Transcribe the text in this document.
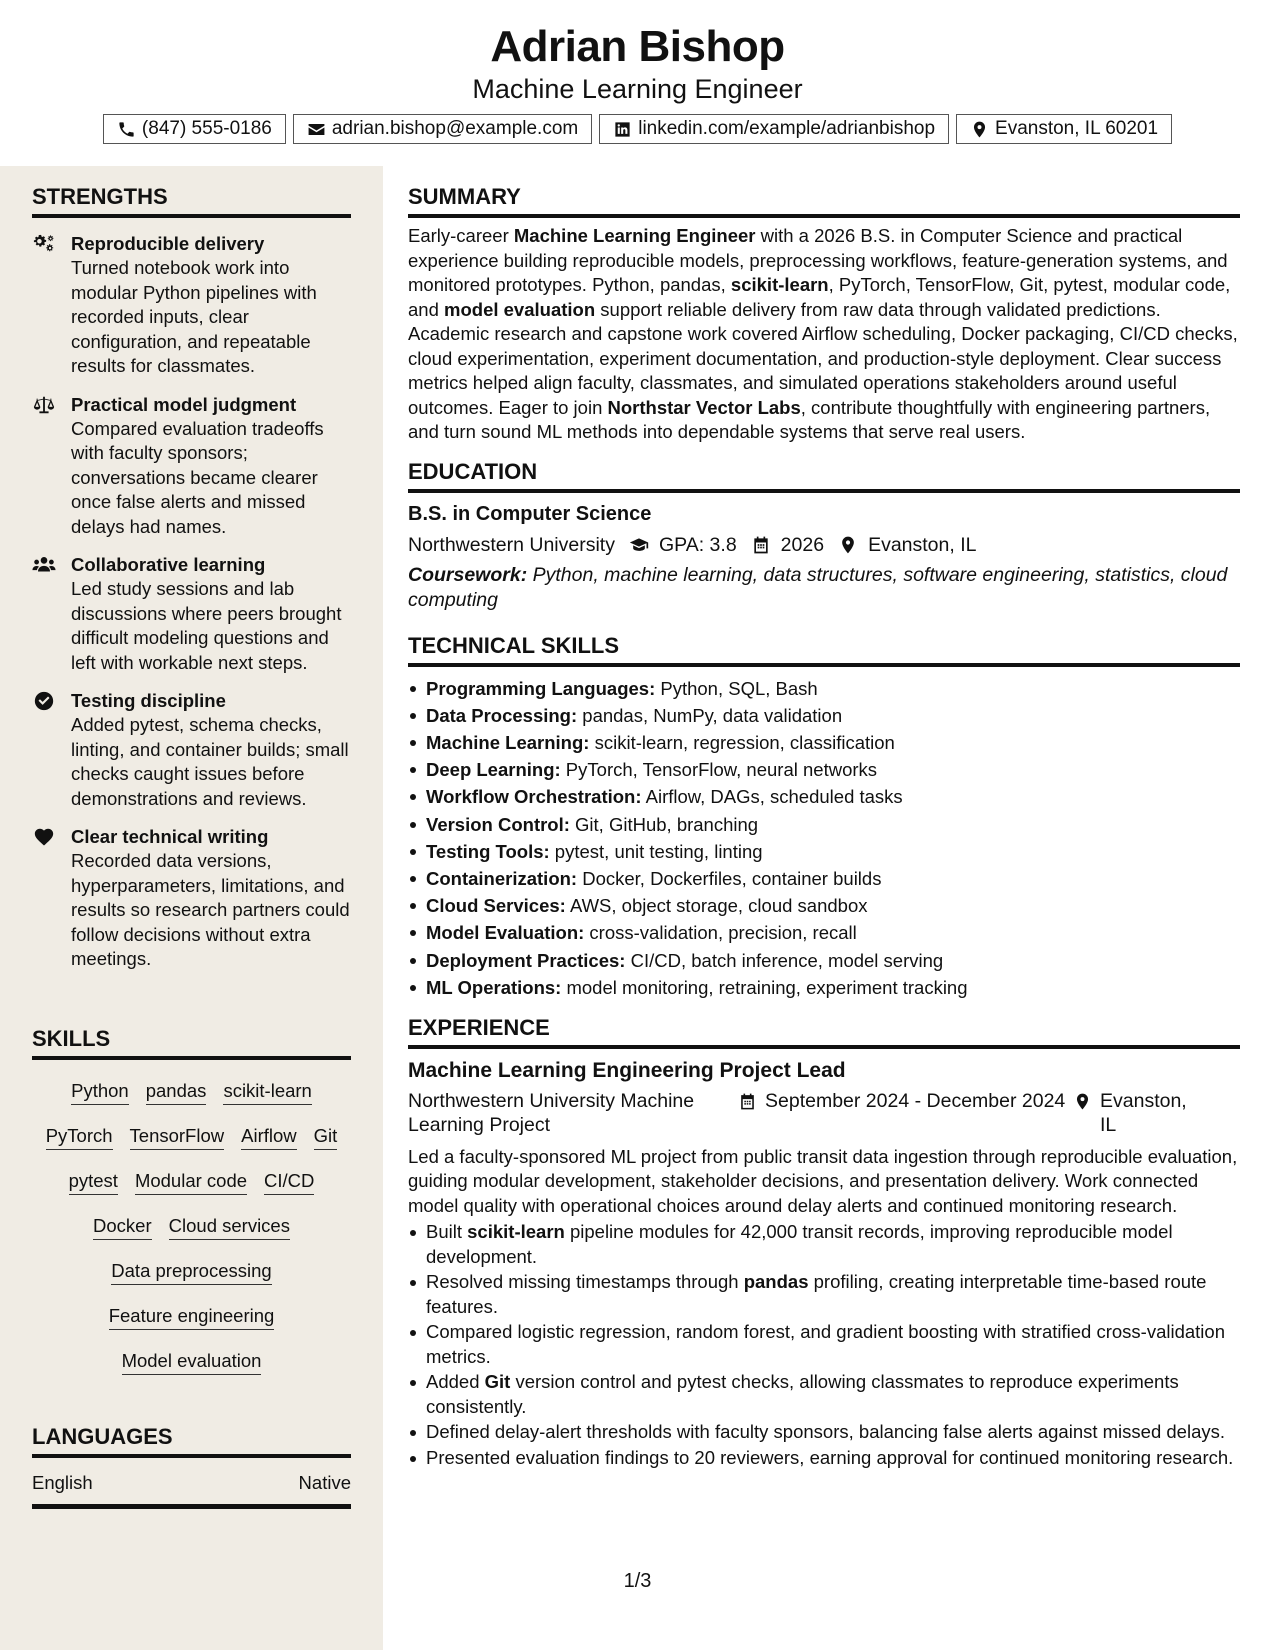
Adrian Bishop
Machine Learning Engineer
(847) 555-0186	adrian.bishop@example.com	linkedin.com/example/adrianbishop	Evanston, IL 60201
STRENGTHS
Reproducible delivery
Turned notebook work into modular Python pipelines with recorded inputs, clear configuration, and repeatable results for classmates.
Practical model judgment
Compared evaluation tradeoffs with faculty sponsors; conversations became clearer once false alerts and missed delays had names.
Collaborative learning
Led study sessions and lab discussions where peers brought difficult modeling questions and left with workable next steps.
Testing discipline
Added pytest, schema checks, linting, and container builds; small checks caught issues before demonstrations and reviews.
Clear technical writing
Recorded data versions, hyperparameters, limitations, and results so research partners could follow decisions without extra meetings.
SKILLS
Python pandas scikit-learn
PyTorch TensorFlow Airflow Git
pytest Modular code CI/CD
Docker Cloud services
Data preprocessing
Feature engineering
Model evaluation
LANGUAGES
English	Native
SUMMARY
Early-career Machine Learning Engineer with a 2026 B.S. in Computer Science and practical experience building reproducible models, preprocessing workflows, feature-generation systems, and monitored prototypes. Python, pandas, scikit-learn, PyTorch, TensorFlow, Git, pytest, modular code, and model evaluation support reliable delivery from raw data through validated predictions. Academic research and capstone work covered Airflow scheduling, Docker packaging, CI/CD checks, cloud experimentation, experiment documentation, and production-style deployment. Clear success metrics helped align faculty, classmates, and simulated operations stakeholders around useful outcomes. Eager to join Northstar Vector Labs, contribute thoughtfully with engineering partners, and turn sound ML methods into dependable systems that serve real users.
EDUCATION
B.S. in Computer Science
Northwestern University GPA: 3.8 2026 Evanston, IL
Coursework: Python, machine learning, data structures, software engineering, statistics, cloud computing
TECHNICAL SKILLS
Programming Languages: Python, SQL, Bash
Data Processing: pandas, NumPy, data validation
Machine Learning: scikit-learn, regression, classification
Deep Learning: PyTorch, TensorFlow, neural networks
Workflow Orchestration: Airflow, DAGs, scheduled tasks
Version Control: Git, GitHub, branching
Testing Tools: pytest, unit testing, linting
Containerization: Docker, Dockerfiles, container builds
Cloud Services: AWS, object storage, cloud sandbox
Model Evaluation: cross-validation, precision, recall
Deployment Practices: CI/CD, batch inference, model serving
ML Operations: model monitoring, retraining, experiment tracking
EXPERIENCE
Machine Learning Engineering Project Lead
Northwestern University Machine Learning Project
September 2024 - December 2024 Evanston, IL
Led a faculty-sponsored ML project from public transit data ingestion through reproducible evaluation, guiding modular development, stakeholder decisions, and presentation delivery. Work connected model quality with operational choices around delay alerts and continued monitoring research.
Built scikit-learn pipeline modules for 42,000 transit records, improving reproducible model development.
Resolved missing timestamps through pandas profiling, creating interpretable time-based route features.
Compared logistic regression, random forest, and gradient boosting with stratified cross-validation metrics.
Added Git version control and pytest checks, allowing classmates to reproduce experiments consistently.
Defined delay-alert thresholds with faculty sponsors, balancing false alerts against missed delays.
Presented evaluation findings to 20 reviewers, earning approval for continued monitoring research.
1/3
